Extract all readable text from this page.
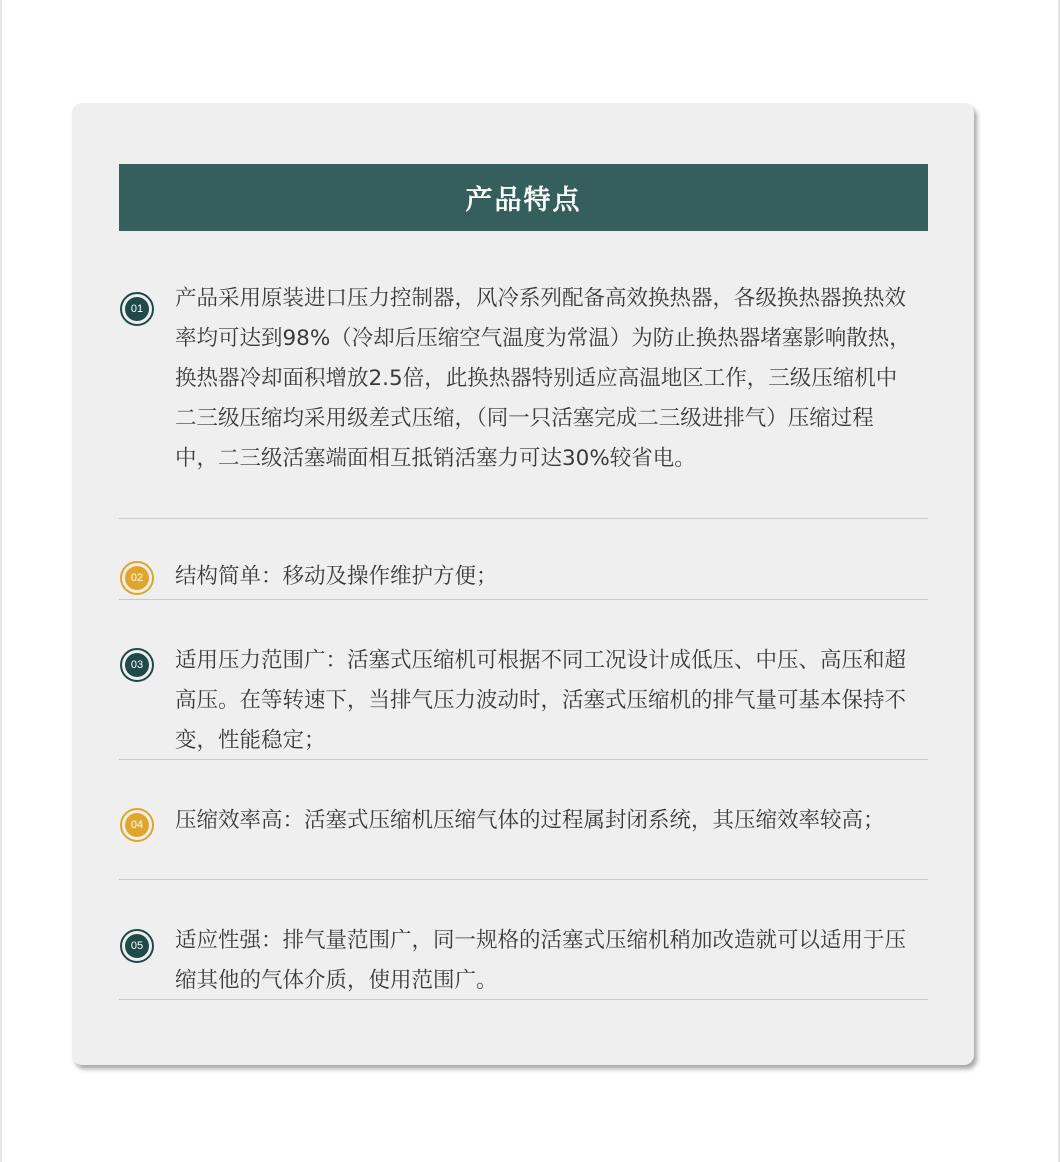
产品特点
01 产品采用原装进口压力控制器，风冷系列配备高效换热器，各级换热器换热效率均可达到98%（冷却后压缩空气温度为常温）为防止换热器堵塞影响散热，换热器冷却面积增放2.5倍，此换热器特别适应高温地区工作，三级压缩机中二三级压缩均采用级差式压缩，（同一只活塞完成二三级进排气）压缩过程中，二三级活塞端面相互抵销活塞力可达30%较省电。

02 结构简单：移动及操作维护方便；

03 适用压力范围广：活塞式压缩机可根据不同工况设计成低压、中压、高压和超高压。在等转速下，当排气压力波动时，活塞式压缩机的排气量可基本保持不变，性能稳定；

04 压缩效率高：活塞式压缩机压缩气体的过程属封闭系统，其压缩效率较高；

05 适应性强：排气量范围广，同一规格的活塞式压缩机稍加改造就可以适用于压缩其他的气体介质，使用范围广。
